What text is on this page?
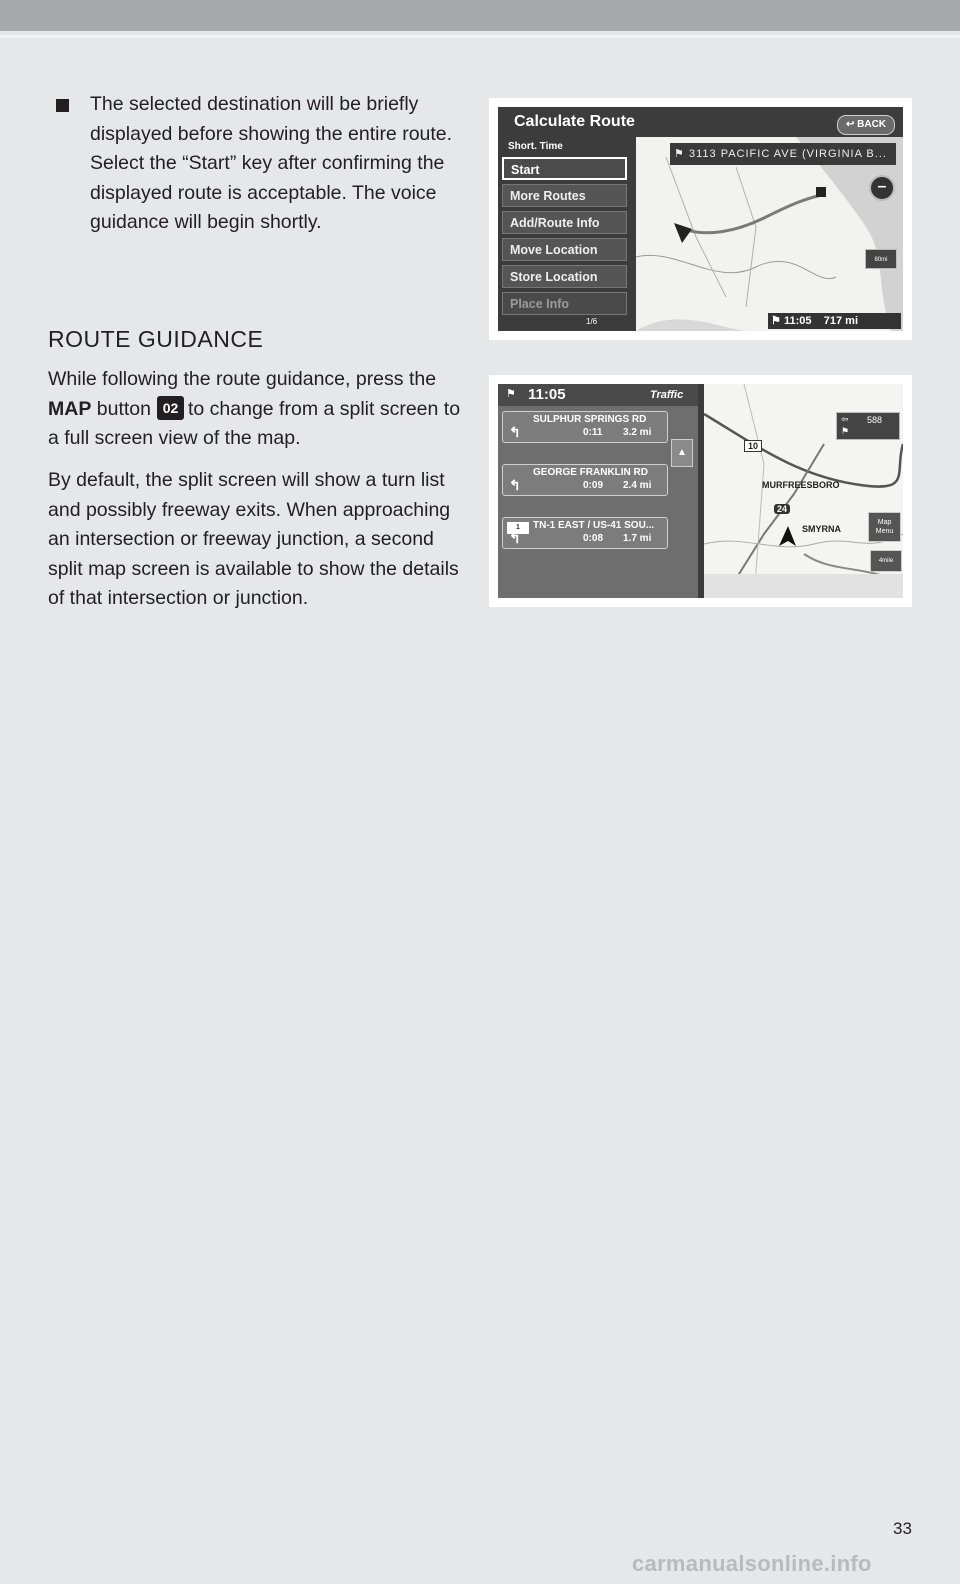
The selected destination will be briefly displayed before showing the entire route. Select the “Start” key after confirming the displayed route is acceptable. The voice guidance will begin shortly.
ROUTE GUIDANCE
While following the route guidance, press the MAP button 02 to change from a split screen to a full screen view of the map.
By default, the split screen will show a turn list and possibly freeway exits. When approaching an intersection or freeway junction, a second split map screen is available to show the details of that intersection or junction.
Calculate Route	↩ BACK
Short. Time
Start
More Routes
Add/Route Info
Move Location
Store Location
Place Info
1/6
⚑ 3113 PACIFIC AVE (VIRGINIA B...
–
80mi
⚑ 11:05 717 mi
⚑ 11:05	Traffic
SULPHUR SPRINGS RD
↰	0:11 3.2 mi
GEORGE FRANKLIN RD
↰	0:09 2.4 mi
1	TN-1 EAST / US-41 SOU...
↰	0:08 1.7 mi
▲
MURFREESBORO
SMYRNA
10
24
⇦ 588
⚑
Map Menu
4mile
33
carmanualsonline.info
